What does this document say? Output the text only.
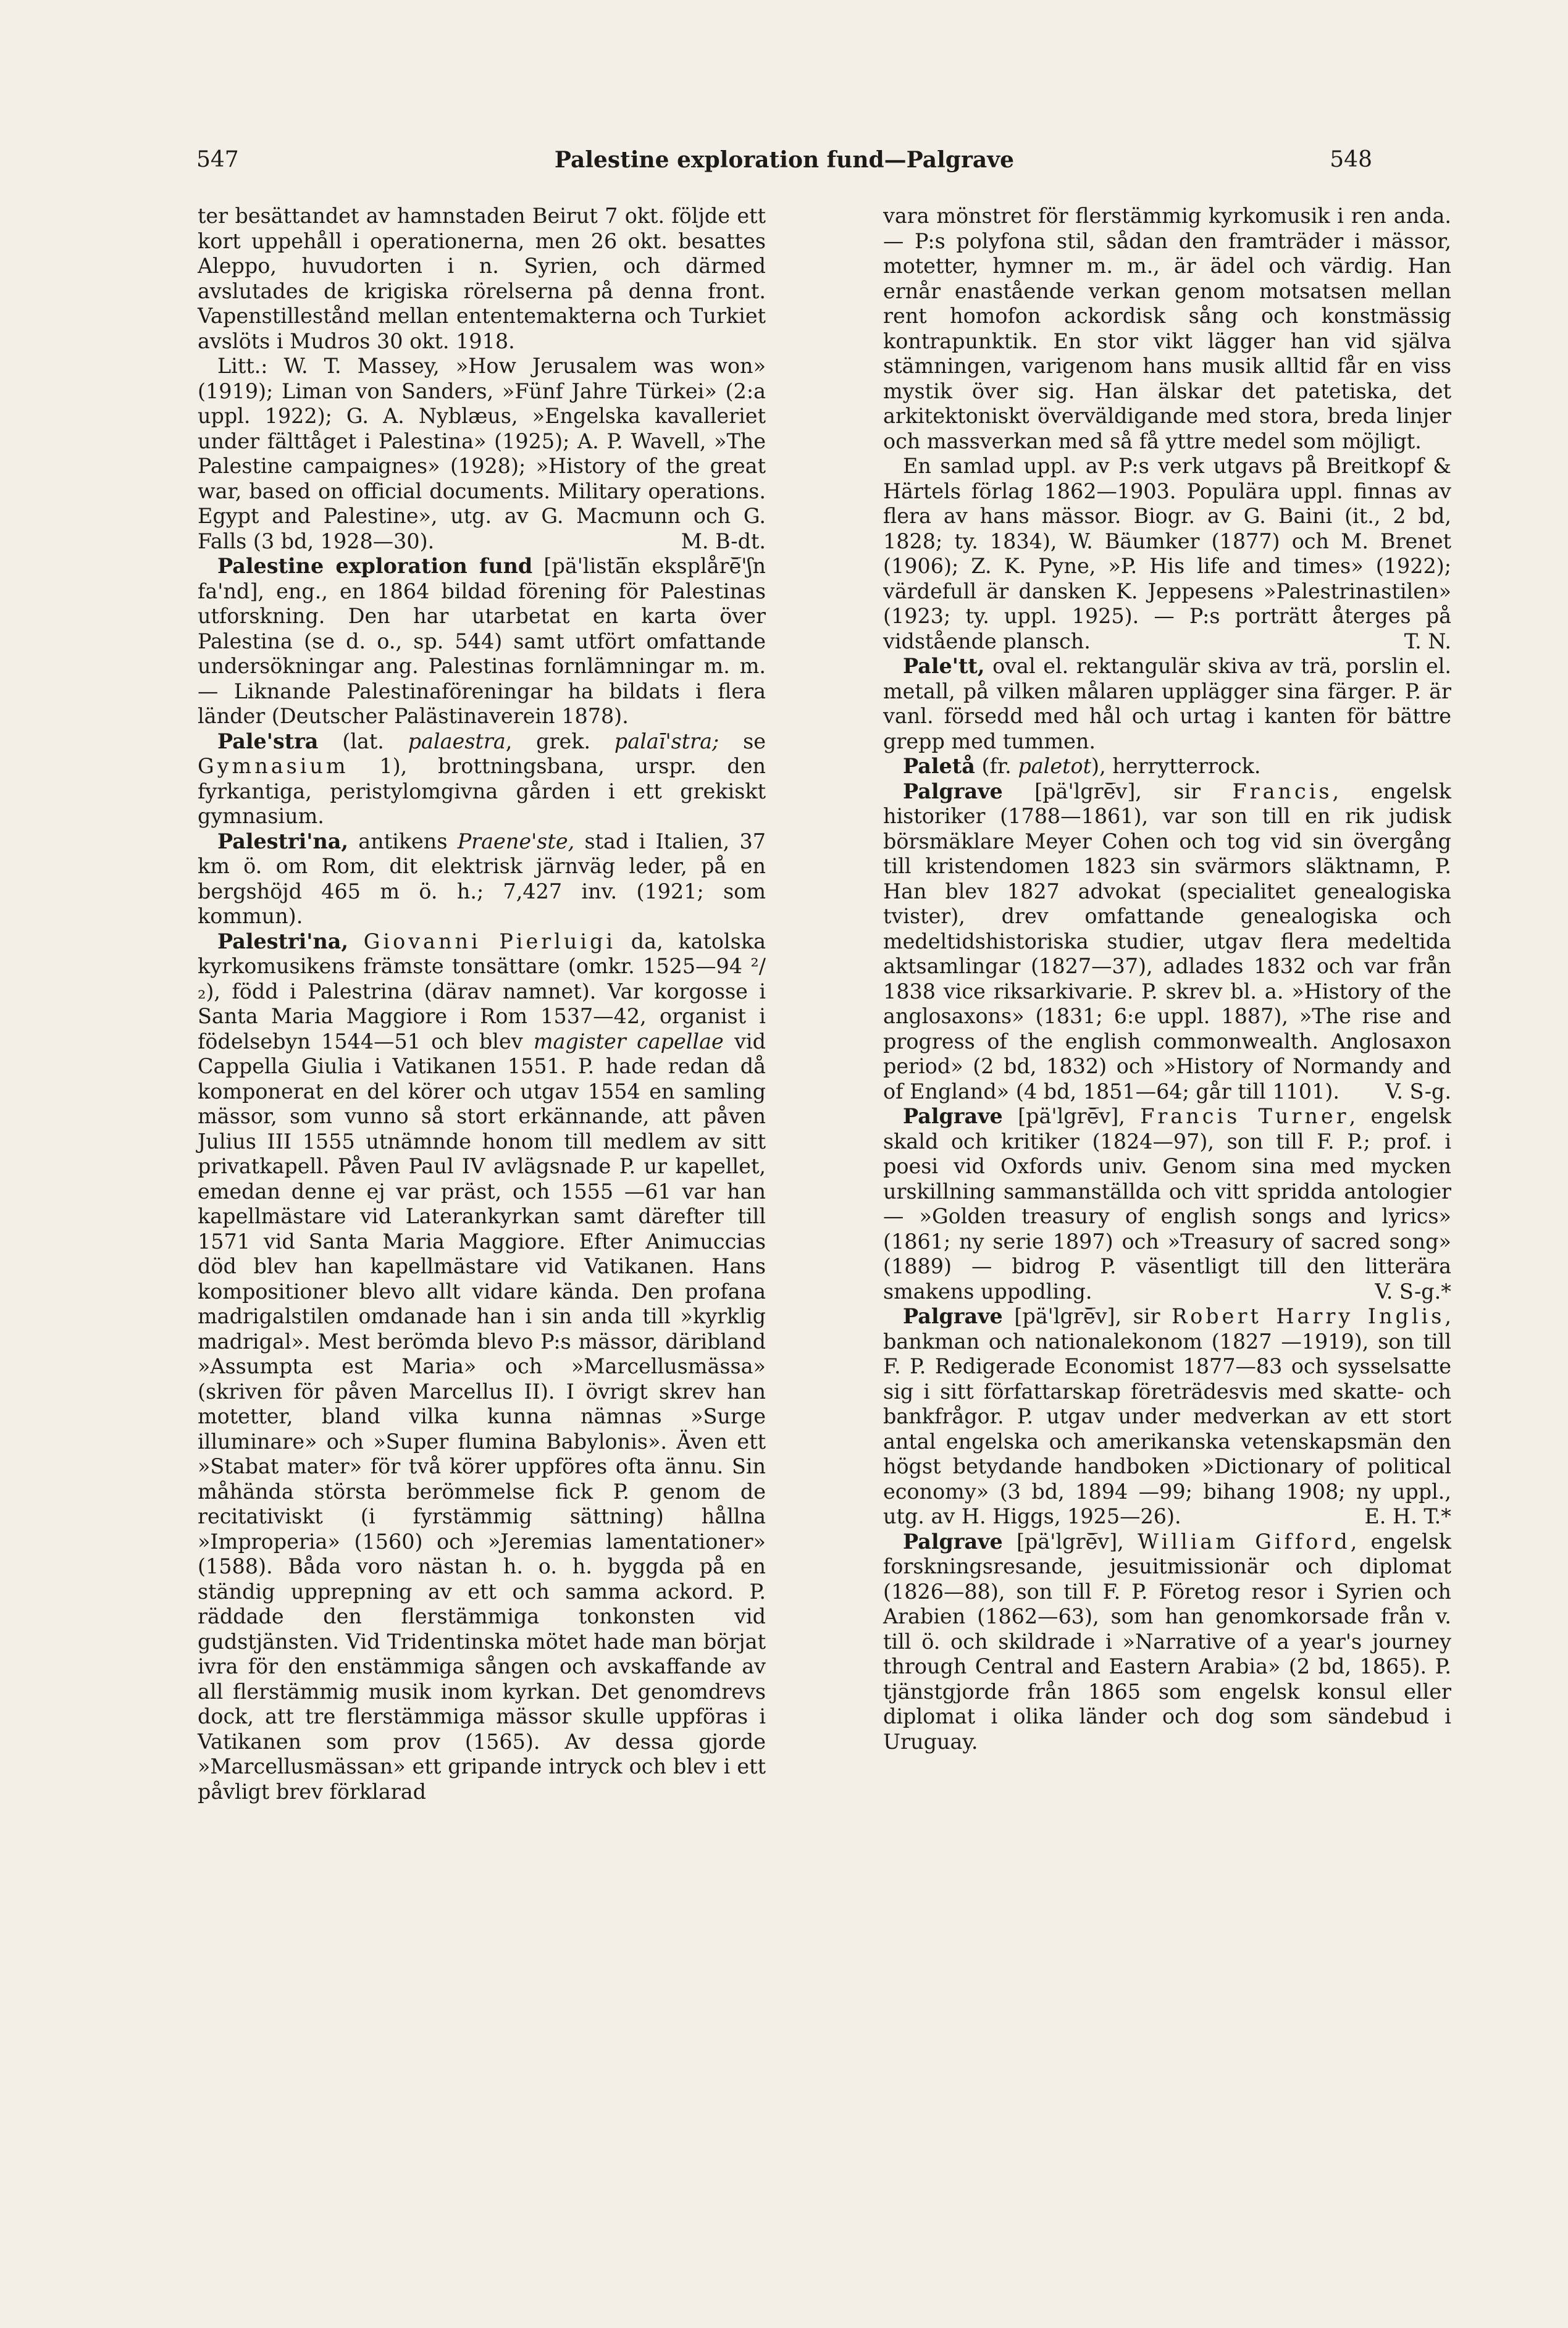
547	Palestine exploration fund—Palgrave	548

ter besättandet av hamnstaden Beirut 7 okt. följde ett kort uppehåll i operationerna, men 26 okt. besattes Aleppo, huvudorten i n. Syrien, och därmed avslutades de krigiska rörelserna på denna front. Vapenstillestånd mellan ententemakterna och Turkiet avslöts i Mudros 30 okt. 1918.

Litt.: W. T. Massey, »How Jerusalem was won» (1919); Liman von Sanders, »Fünf Jahre Türkei» (2:a uppl. 1922); G. A. Nyblæus, »Engelska kavalleriet under fälttåget i Palestina» (1925); A. P. Wavell, »The Palestine campaignes» (1928); »History of the great war, based on official documents. Military operations. Egypt and Palestine», utg. av G. Macmunn och G. Falls (3 bd, 1928—30).	M. B-dt.

Palestine exploration fund [pä'listä̅n eksplårē̅'ʃn fa'nd], eng., en 1864 bildad förening för Palestinas utforskning. Den har utarbetat en karta över Palestina (se d. o., sp. 544) samt utfört omfattande undersökningar ang. Palestinas fornlämningar m. m. — Liknande Palestinaföreningar ha bildats i flera länder (Deutscher Palästinaverein 1878).

Pale'stra (lat. palaestra, grek. palaī'stra; se Gymnasium 1), brottningsbana, urspr. den fyrkantiga, peristylomgivna gården i ett grekiskt gymnasium.

Palestri'na, antikens Praene'ste, stad i Italien, 37 km ö. om Rom, dit elektrisk järnväg leder, på en bergshöjd 465 m ö. h.; 7,427 inv. (1921; som kommun).

Palestri'na, Giovanni Pierluigi da, katolska kyrkomusikens främste tonsättare (omkr. 1525—94 ²/₂), född i Palestrina (därav namnet). Var korgosse i Santa Maria Maggiore i Rom 1537—42, organist i födelsebyn 1544—51 och blev magister capellae vid Cappella Giulia i Vatikanen 1551. P. hade redan då komponerat en del körer och utgav 1554 en samling mässor, som vunno så stort erkännande, att påven Julius III 1555 utnämnde honom till medlem av sitt privatkapell. Påven Paul IV avlägsnade P. ur kapellet, emedan denne ej var präst, och 1555 —61 var han kapellmästare vid Laterankyrkan samt därefter till 1571 vid Santa Maria Maggiore. Efter Animuccias död blev han kapellmästare vid Vatikanen. Hans kompositioner blevo allt vidare kända. Den profana madrigalstilen omdanade han i sin anda till »kyrklig madrigal». Mest berömda blevo P:s mässor, däribland »Assumpta est Maria» och »Marcellusmässa» (skriven för påven Marcellus II). I övrigt skrev han motetter, bland vilka kunna nämnas »Surge illuminare» och »Super flumina Babylonis». Även ett »Stabat mater» för två körer uppföres ofta ännu. Sin måhända största berömmelse fick P. genom de recitativiskt (i fyrstämmig sättning) hållna »Improperia» (1560) och »Jeremias lamentationer» (1588). Båda voro nästan h. o. h. byggda på en ständig upprepning av ett och samma ackord. P. räddade den flerstämmiga tonkonsten vid gudstjänsten. Vid Tridentinska mötet hade man börjat ivra för den enstämmiga sången och avskaffande av all flerstämmig musik inom kyrkan. Det genomdrevs dock, att tre flerstämmiga mässor skulle uppföras i Vatikanen som prov (1565). Av dessa gjorde »Marcellusmässan» ett gripande intryck och blev i ett påvligt brev förklarad

vara mönstret för flerstämmig kyrkomusik i ren anda. — P:s polyfona stil, sådan den framträder i mässor, motetter, hymner m. m., är ädel och värdig. Han ernår enastående verkan genom motsatsen mellan rent homofon ackordisk sång och konstmässig kontrapunktik. En stor vikt lägger han vid själva stämningen, varigenom hans musik alltid får en viss mystik över sig. Han älskar det patetiska, det arkitektoniskt överväldigande med stora, breda linjer och massverkan med så få yttre medel som möjligt.

En samlad uppl. av P:s verk utgavs på Breitkopf & Härtels förlag 1862—1903. Populära uppl. finnas av flera av hans mässor. Biogr. av G. Baini (it., 2 bd, 1828; ty. 1834), W. Bäumker (1877) och M. Brenet (1906); Z. K. Pyne, »P. His life and times» (1922); värdefull är dansken K. Jeppesens »Palestrinastilen» (1923; ty. uppl. 1925). — P:s porträtt återges på vidstående plansch.	T. N.

Pale'tt, oval el. rektangulär skiva av trä, porslin el. metall, på vilken målaren upplägger sina färger. P. är vanl. försedd med hål och urtag i kanten för bättre grepp med tummen.

Paletå (fr. paletot), herrytterrock.

Palgrave [pä'lgrē̅v], sir Francis, engelsk historiker (1788—1861), var son till en rik judisk börsmäklare Meyer Cohen och tog vid sin övergång till kristendomen 1823 sin svärmors släktnamn, P. Han blev 1827 advokat (specialitet genealogiska tvister), drev omfattande genealogiska och medeltidshistoriska studier, utgav flera medeltida aktsamlingar (1827—37), adlades 1832 och var från 1838 vice riksarkivarie. P. skrev bl. a. »History of the anglosaxons» (1831; 6:e uppl. 1887), »The rise and progress of the english commonwealth. Anglosaxon period» (2 bd, 1832) och »History of Normandy and of England» (4 bd, 1851—64; går till 1101).	V. S-g.

Palgrave [pä'lgrē̅v], Francis Turner, engelsk skald och kritiker (1824—97), son till F. P.; prof. i poesi vid Oxfords univ. Genom sina med mycken urskillning sammanställda och vitt spridda antologier — »Golden treasury of english songs and lyrics» (1861; ny serie 1897) och »Treasury of sacred song» (1889) — bidrog P. väsentligt till den litterära smakens uppodling.	V. S-g.*

Palgrave [pä'lgrē̅v], sir Robert Harry Inglis, bankman och nationalekonom (1827 —1919), son till F. P. Redigerade Economist 1877—83 och sysselsatte sig i sitt författarskap företrädesvis med skatte- och bankfrågor. P. utgav under medverkan av ett stort antal engelska och amerikanska vetenskapsmän den högst betydande handboken »Dictionary of political economy» (3 bd, 1894 —99; bihang 1908; ny uppl., utg. av H. Higgs, 1925—26).	E. H. T.*

Palgrave [pä'lgrē̅v], William Gifford, engelsk forskningsresande, jesuitmissionär och diplomat (1826—88), son till F. P. Företog resor i Syrien och Arabien (1862—63), som han genomkorsade från v. till ö. och skildrade i »Narrative of a year's journey through Central and Eastern Arabia» (2 bd, 1865). P. tjänstgjorde från 1865 som engelsk konsul eller diplomat i olika länder och dog som sändebud i Uruguay.
